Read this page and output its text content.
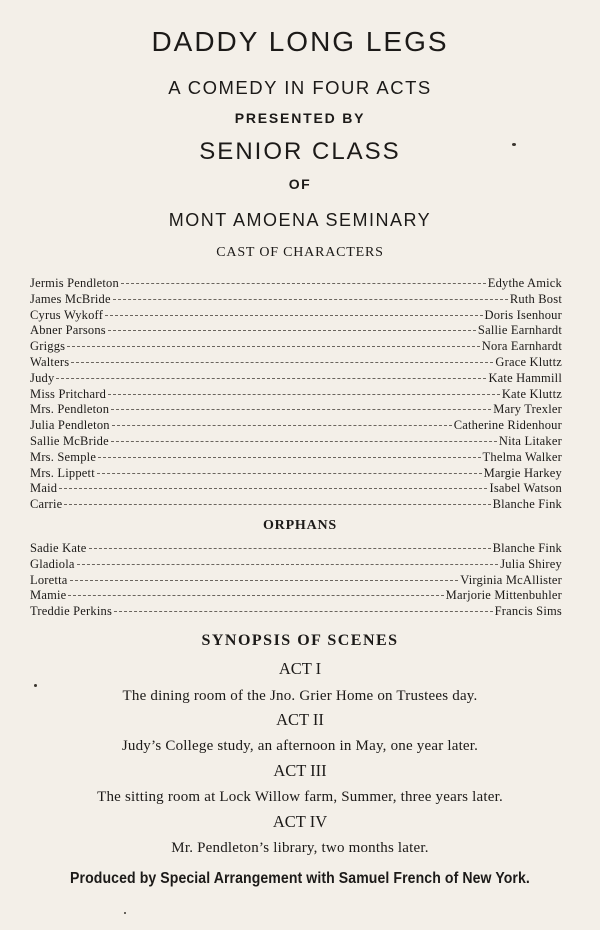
DADDY LONG LEGS
A COMEDY IN FOUR ACTS
PRESENTED BY
SENIOR CLASS
OF
MONT AMOENA SEMINARY
CAST OF CHARACTERS
Jermis Pendleton	Edythe Amick
James McBride	Ruth Bost
Cyrus Wykoff	Doris Isenhour
Abner Parsons	Sallie Earnhardt
Griggs	Nora Earnhardt
Walters	Grace Kluttz
Judy	Kate Hammill
Miss Pritchard	Kate Kluttz
Mrs. Pendleton	Mary Trexler
Julia Pendleton	Catherine Ridenhour
Sallie McBride	Nita Litaker
Mrs. Semple	Thelma Walker
Mrs. Lippett	Margie Harkey
Maid	Isabel Watson
Carrie	Blanche Fink
ORPHANS
Sadie Kate	Blanche Fink
Gladiola	Julia Shirey
Loretta	Virginia McAllister
Mamie	Marjorie Mittenbuhler
Treddie Perkins	Francis Sims
SYNOPSIS OF SCENES
ACT I
The dining room of the Jno. Grier Home on Trustees day.
ACT II
Judy’s College study, an afternoon in May, one year later.
ACT III
The sitting room at Lock Willow farm, Summer, three years later.
ACT IV
Mr. Pendleton’s library, two months later.
Produced by Special Arrangement with Samuel French of New York.
